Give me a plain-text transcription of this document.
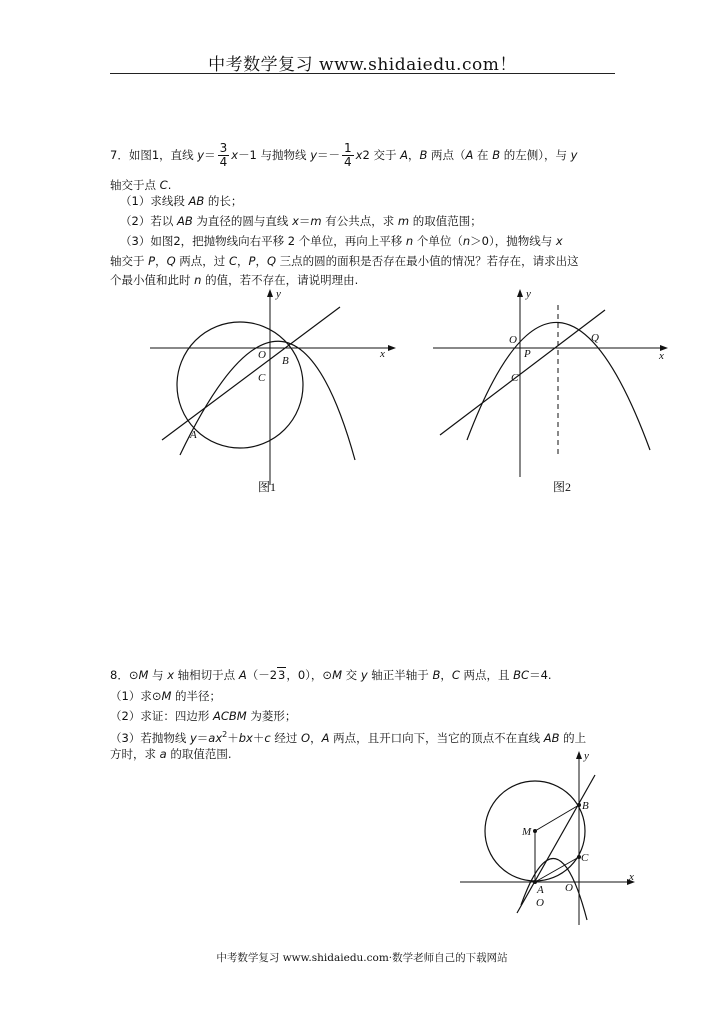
中考数学复习 www.shidaiedu.com！
7．如图1，直线 $y= \frac{3}{4} x-1$ 与抛物线 $y=- \frac{1}{4} x2$ 交于 A，B 两点（A 在 B 的左侧），与 y
轴交于点 C.
（1）求线段 AB 的长；
（2）若以 AB 为直径的圆与直线 x＝m 有公共点，求 m 的取值范围；
（3）如图2，把抛物线向右平移 2 个单位，再向上平移 n 个单位（n＞0），抛物线与 x
轴交于 P，Q 两点，过 C，P，Q 三点的圆的面积是否存在最小值的情况？若存在，请求出这
个最小值和此时 n 的值，若不存在，请说明理由.
y
x
O B
C
A
图1
y
x
O
P
Q
C
图2
8．⊙M 与 x 轴相切于点 A（－23，0），⊙M 交 y 轴正半轴于 B，C 两点，且 BC＝4.
（1）求⊙M 的半径；
（2）求证：四边形 ACBM 为菱形；
（3）若抛物线 $y=ax^2+bx+c$ 经过 O，A 两点，且开口向下，当它的顶点不在直线 AB 的上
方时，求 a 的取值范围.	y
x
B
M
C
A O
O
中考数学复习 www.shidaiedu.com·数学老师自己的下载网站
